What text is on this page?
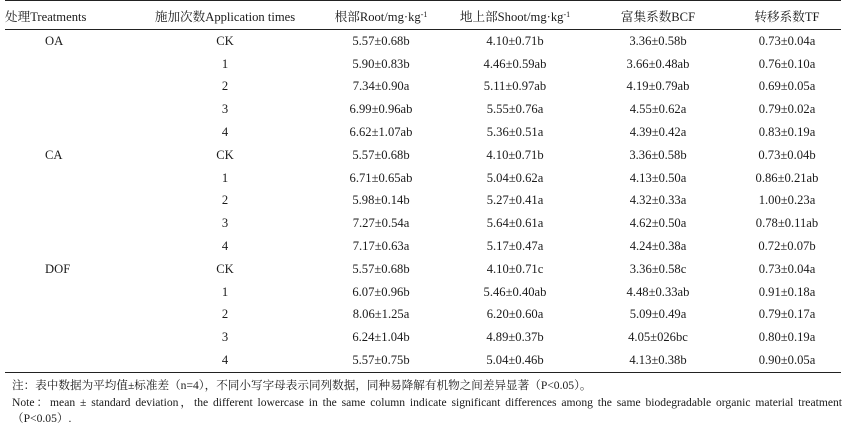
处理Treatments	施加次数Application times	根部Root/$mg\cdot kg^{-1}$	地上部Shoot/$mg\cdot kg^{-1}$	富集系数BCF	转移系数TF
OA	CK	5.57±0.68b	4.10±0.71b	3.36±0.58b	0.73±0.04a
	1	5.90±0.83b	4.46±0.59ab	3.66±0.48ab	0.76±0.10a
	2	7.34±0.90a	5.11±0.97ab	4.19±0.79ab	0.69±0.05a
	3	6.99±0.96ab	5.55±0.76a	4.55±0.62a	0.79±0.02a
	4	6.62±1.07ab	5.36±0.51a	4.39±0.42a	0.83±0.19a
CA	CK	5.57±0.68b	4.10±0.71b	3.36±0.58b	0.73±0.04b
	1	6.71±0.65ab	5.04±0.62a	4.13±0.50a	0.86±0.21ab
	2	5.98±0.14b	5.27±0.41a	4.32±0.33a	1.00±0.23a
	3	7.27±0.54a	5.64±0.61a	4.62±0.50a	0.78±0.11ab
	4	7.17±0.63a	5.17±0.47a	4.24±0.38a	0.72±0.07b
DOF	CK	5.57±0.68b	4.10±0.71c	3.36±0.58c	0.73±0.04a
	1	6.07±0.96b	5.46±0.40ab	4.48±0.33ab	0.91±0.18a
	2	8.06±1.25a	6.20±0.60a	5.09±0.49a	0.79±0.17a
	3	6.24±1.04b	4.89±0.37b	4.05±026bc	0.80±0.19a
	4	5.57±0.75b	5.04±0.46b	4.13±0.38b	0.90±0.05a
注：表中数据为平均值±标准差（n=4），不同小写字母表示同列数据，同种易降解有机物之间差异显著（P<0.05）。
Note：mean ± standard deviation，the different lowercase in the same column indicate significant differences among the same biodegradable organic material treatment（P<0.05）.
